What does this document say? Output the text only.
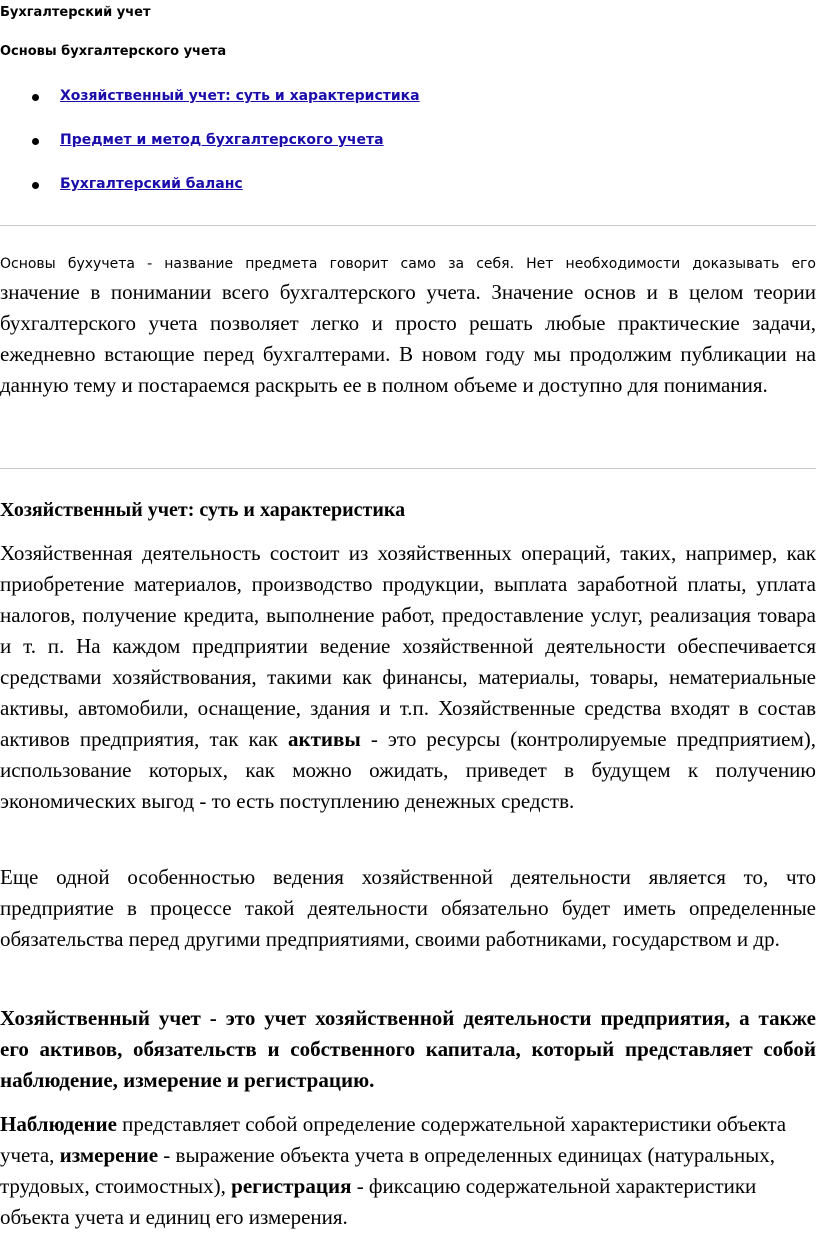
Бухгалтерский учет
Основы бухгалтерского учета
Хозяйственный учет: суть и характеристика
Предмет и метод бухгалтерского учета
Бухгалтерский баланс
Основы бухучета - название предмета говорит само за себя. Нет необходимости доказывать его
значение в понимании всего бухгалтерского учета. Значение основ и в целом теории бухгалтерского учета позволяет легко и просто решать любые практические задачи, ежедневно встающие перед бухгалтерами. В новом году мы продолжим публикации на данную тему и постараемся раскрыть ее в полном объеме и доступно для понимания.
Хозяйственный учет: суть и характеристика
Хозяйственная деятельность состоит из хозяйственных операций, таких, например, как приобретение материалов, производство продукции, выплата заработной платы, уплата налогов, получение кредита, выполнение работ, предоставление услуг, реализация товара и т. п. На каждом предприятии ведение хозяйственной деятельности обеспечивается средствами хозяйствования, такими как финансы, материалы, товары, нематериальные активы, автомобили, оснащение, здания и т.п. Хозяйственные средства входят в состав активов предприятия, так как активы - это ресурсы (контролируемые предприятием), использование которых, как можно ожидать, приведет в будущем к получению экономических выгод - то есть поступлению денежных средств.
Еще одной особенностью ведения хозяйственной деятельности является то, что предприятие в процессе такой деятельности обязательно будет иметь определенные обязательства перед другими предприятиями, своими работниками, государством и др.
Хозяйственный учет - это учет хозяйственной деятельности предприятия, а также его активов, обязательств и собственного капитала, который представляет собой наблюдение, измерение и регистрацию.
Наблюдение представляет собой определение содержательной характеристики объекта учета, измерение - выражение объекта учета в определенных единицах (натуральных, трудовых, стоимостных), регистрация - фиксацию содержательной характеристики объекта учета и единиц его измерения.
